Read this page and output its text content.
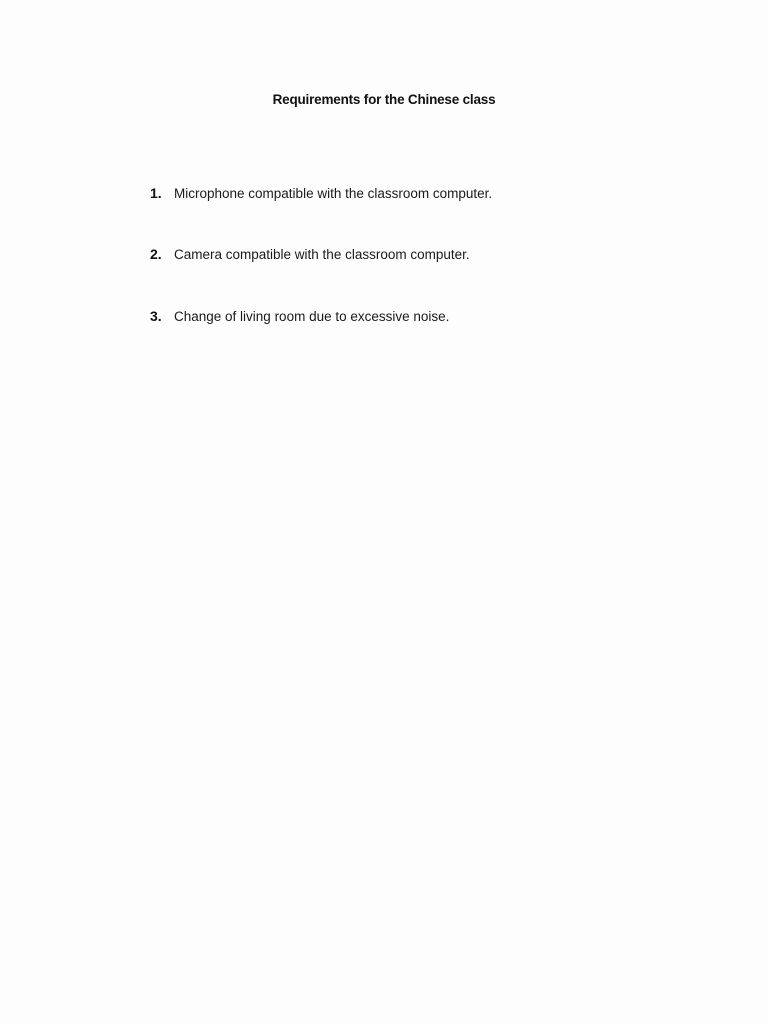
Requirements for the Chinese class
1. Microphone compatible with the classroom computer.
2. Camera compatible with the classroom computer.
3. Change of living room due to excessive noise.
